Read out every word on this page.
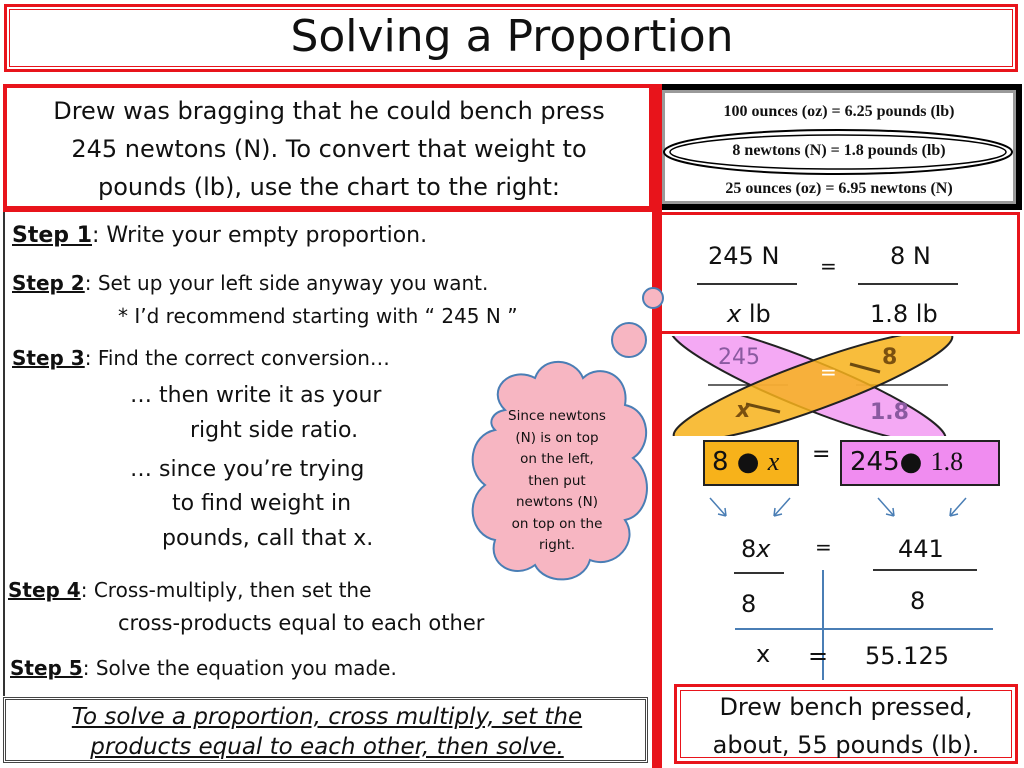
Solving a Proportion
Drew was bragging that he could bench press
245 newtons (N). To convert that weight to
pounds (lb), use the chart to the right:
100 ounces (oz) = 6.25 pounds (lb)
8 newtons (N) = 1.8 pounds (lb)
25 ounces (oz) = 6.95 newtons (N)
Step 1: Write your empty proportion.
Step 2: Set up your left side anyway you want.
* I’d recommend starting with “ 245 N ”
Step 3: Find the correct conversion…
… then write it as your
right side ratio.
… since you’re trying
to find weight in
pounds, call that x.
Step 4: Cross-multiply, then set the
cross-products equal to each other
Step 5: Solve the equation you made.
Since newtons
(N) is on top
on the left,
then put
newtons (N)
on top on the
right.
245 N
x lb
= 8 N
1.8 lb
245
x
=
8
1.8
8 ● x = 245● 1.8
8x =	441
8	8
x = 55.125
To solve a proportion, cross multiply, set the
products equal to each other, then solve.
Drew bench pressed,
about, 55 pounds (lb).
